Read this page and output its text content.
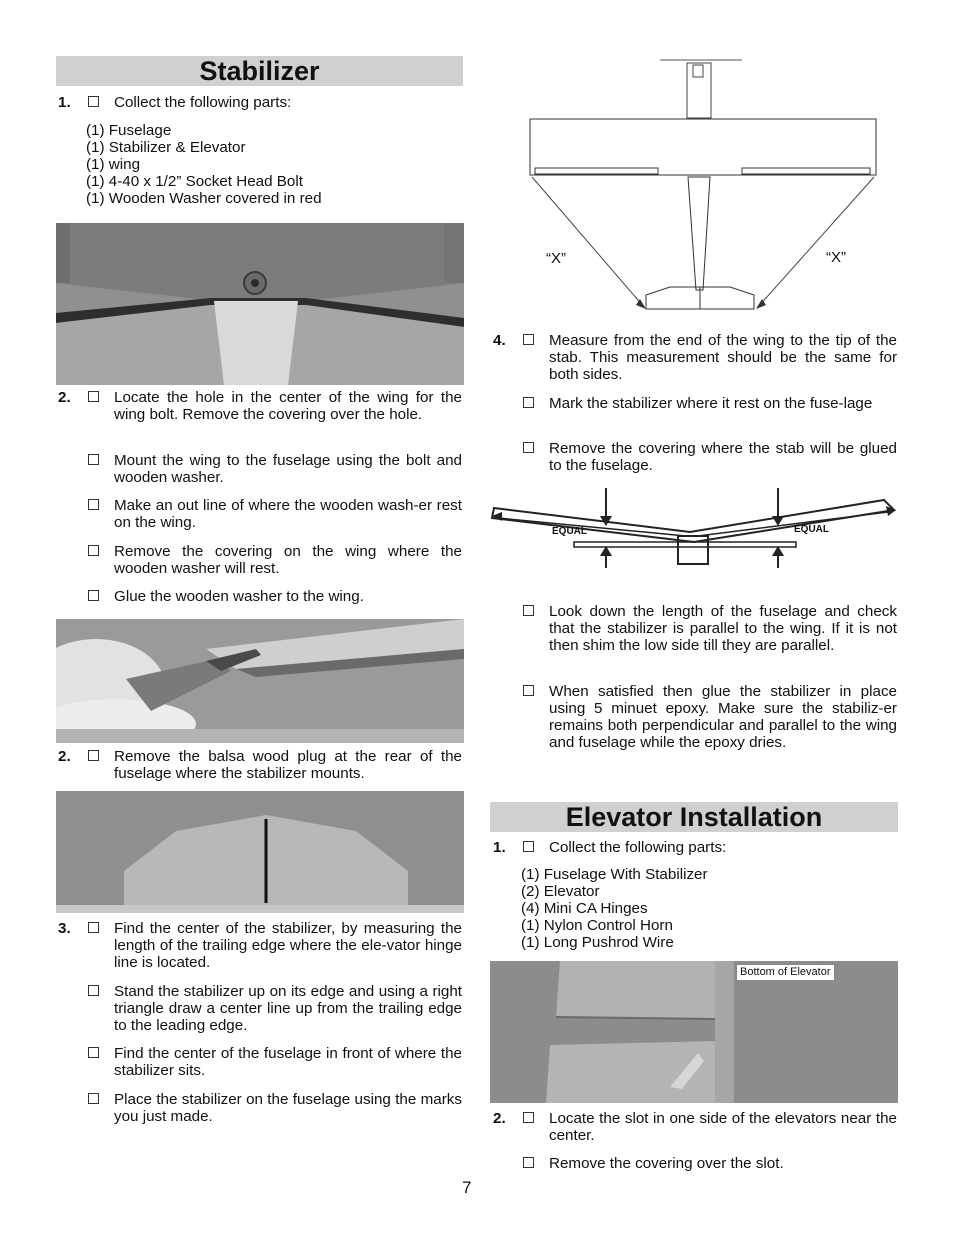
Stabilizer
1.	Collect the following parts:
(1) Fuselage
(1) Stabilizer & Elevator
(1) wing
(1) 4-40 x 1/2” Socket Head Bolt
(1) Wooden Washer covered in red
2.	Locate the hole in the center of the wing for the wing bolt. Remove the covering over the hole.
Mount the wing to the fuselage using the bolt and wooden washer.
Make an out line of where the wooden wash-er rest on the wing.
Remove the covering on the wing where the wooden washer will rest.
Glue the wooden washer to the wing.
2.	Remove the balsa wood plug at the rear of the fuselage where the stabilizer mounts.
3.	Find the center of the stabilizer, by measuring the length of the trailing edge where the ele-vator hinge line is located.
Stand the stabilizer up on its edge and using a right triangle draw a center line up from the trailing edge to the leading edge.
Find the center of the fuselage in front of where the stabilizer sits.
Place the stabilizer on the fuselage using the marks you just made.
“X”	“X”
4.	Measure from the end of the wing to the tip of the stab. This measurement should be the same for both sides.
Mark the stabilizer where it rest on the fuse-lage
Remove the covering where the stab will be glued to the fuselage.
EQUAL	EQUAL
Look down the length of the fuselage and check that the stabilizer is parallel to the wing. If it is not then shim the low side till they are parallel.
When satisfied then glue the stabilizer in place using 5 minuet epoxy. Make sure the stabiliz-er remains both perpendicular and parallel to the wing and fuselage while the epoxy dries.
Elevator Installation
1.	Collect the following parts:
(1) Fuselage With Stabilizer
(2) Elevator
(4) Mini CA Hinges
(1) Nylon Control Horn
(1) Long Pushrod Wire
Bottom of Elevator
2.	Locate the slot in one side of the elevators near the center.
Remove the covering over the slot.
7
